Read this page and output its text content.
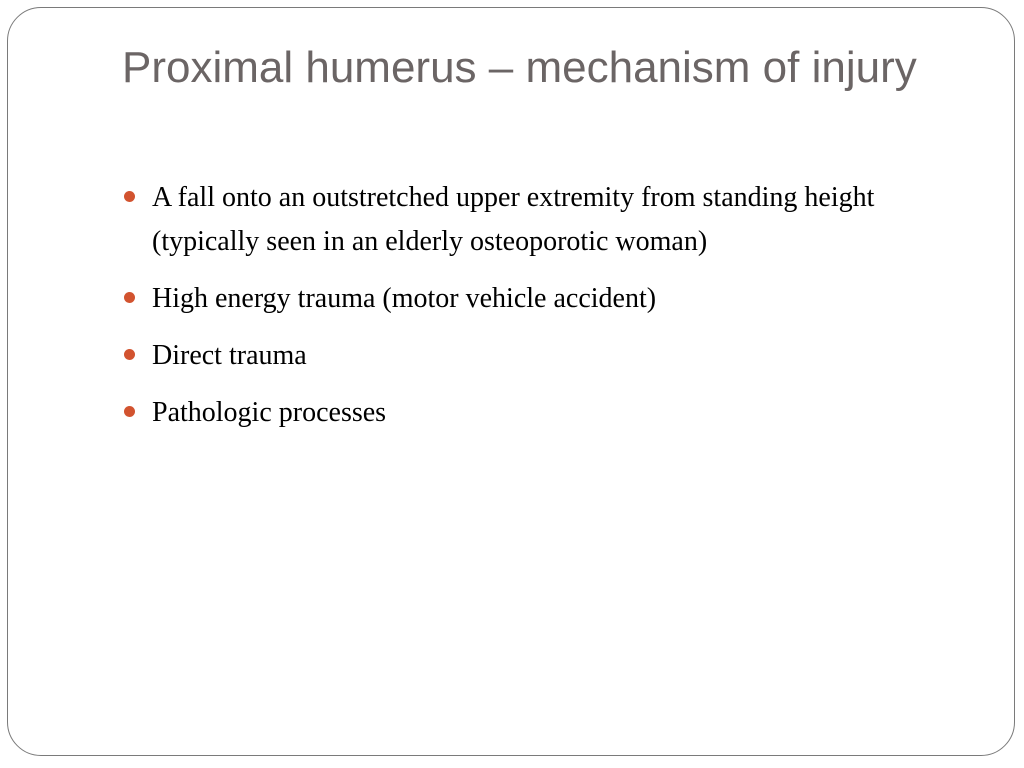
Proximal humerus – mechanism of injury
A fall onto an outstretched upper extremity from standing height (typically seen in an elderly osteoporotic woman)
High energy trauma (motor vehicle accident)
Direct trauma
Pathologic processes
